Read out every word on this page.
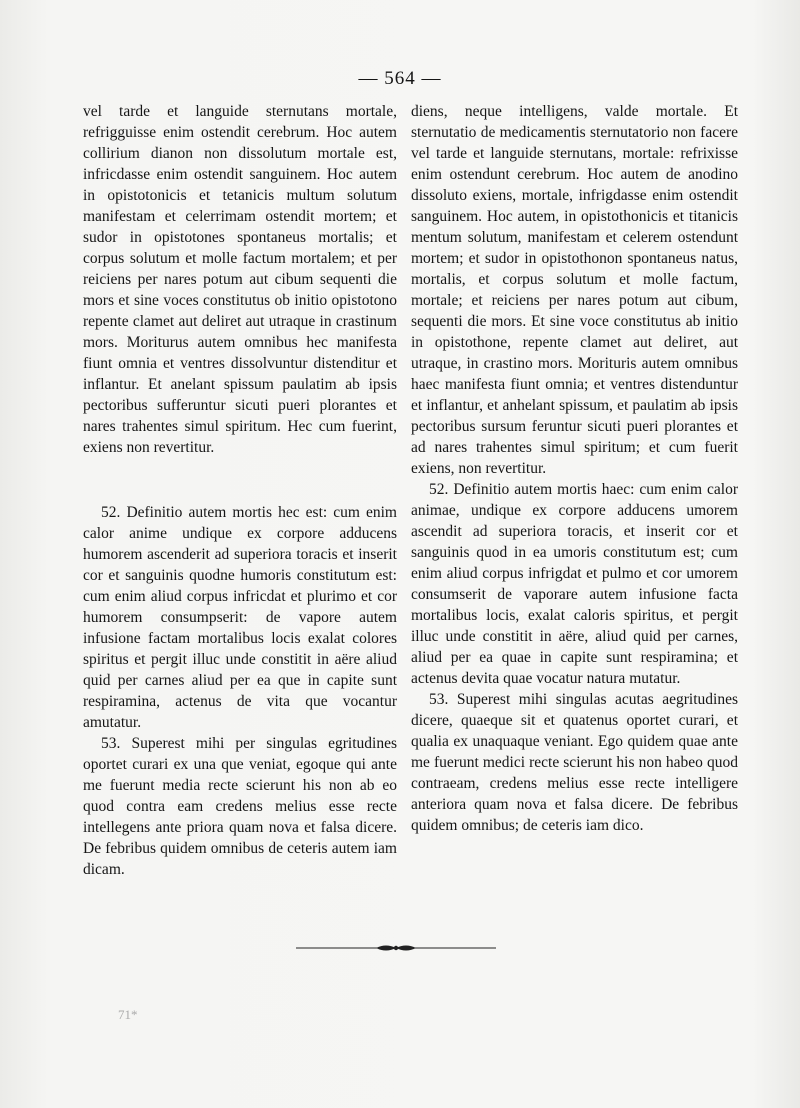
— 564 —

vel tarde et languide sternutans mortale, refrigguisse enim ostendit cerebrum. Hoc autem collirium dianon non dissolutum mortale est, infricdasse enim ostendit sanguinem. Hoc autem in opistotonicis et tetanicis multum solutum manifestam et celerrimam ostendit mortem; et sudor in opistotones spontaneus mortalis; et corpus solutum et molle factum mortalem; et per reiciens per nares potum aut cibum sequenti die mors et sine voces constitutus ob initio opistotono repente clamet aut deliret aut utraque in crastinum mors. Moriturus autem omnibus hec manifesta fiunt omnia et ventres dissolvuntur distenditur et inflantur. Et anelant spissum paulatim ab ipsis pectoribus sufferuntur sicuti pueri plorantes et nares trahentes simul spiritum. Hec cum fuerint, exiens non revertitur.

52. Definitio autem mortis hec est: cum enim calor anime undique ex corpore adducens humorem ascenderit ad superiora toracis et inserit cor et sanguinis quodne humoris constitutum est: cum enim aliud corpus infricdat et plurimo et cor humorem consumpserit: de vapore autem infusione factam mortalibus locis exalat colores spiritus et pergit illuc unde constitit in aëre aliud quid per carnes aliud per ea que in capite sunt respiramina, actenus de vita que vocantur amutatur.

53. Superest mihi per singulas egritudines oportet curari ex una que veniat, egoque qui ante me fuerunt media recte scierunt his non ab eo quod contra eam credens melius esse recte intellegens ante priora quam nova et falsa dicere. De febribus quidem omnibus de ceteris autem iam dicam.

diens, neque intelligens, valde mortale. Et sternutatio de medicamentis sternutatorio non facere vel tarde et languide sternutans, mortale: refrixisse enim ostendunt cerebrum. Hoc autem de anodino dissoluto exiens, mortale, infrigdasse enim ostendit sanguinem. Hoc autem, in opistothonicis et titanicis mentum solutum, manifestam et celerem ostendunt mortem; et sudor in opistothonon spontaneus natus, mortalis, et corpus solutum et molle factum, mortale; et reiciens per nares potum aut cibum, sequenti die mors. Et sine voce constitutus ab initio in opistothone, repente clamet aut deliret, aut utraque, in crastino mors. Morituris autem omnibus haec manifesta fiunt omnia; et ventres distenduntur et inflantur, et anhelant spissum, et paulatim ab ipsis pectoribus sursum feruntur sicuti pueri plorantes et ad nares trahentes simul spiritum; et cum fuerit exiens, non revertitur.

52. Definitio autem mortis haec: cum enim calor animae, undique ex corpore adducens umorem ascendit ad superiora toracis, et inserit cor et sanguinis quod in ea umoris constitutum est; cum enim aliud corpus infrigdat et pulmo et cor umorem consumserit de vaporare autem infusione facta mortalibus locis, exalat caloris spiritus, et pergit illuc unde constitit in aëre, aliud quid per carnes, aliud per ea quae in capite sunt respiramina; et actenus devita quae vocatur natura mutatur.

53. Superest mihi singulas acutas aegritudines dicere, quaeque sit et quatenus oportet curari, et qualia ex unaquaque veniant. Ego quidem quae ante me fuerunt medici recte scierunt his non habeo quod contraeam, credens melius esse recte intelligere anteriora quam nova et falsa dicere. De febribus quidem omnibus; de ceteris iam dico.

71*
